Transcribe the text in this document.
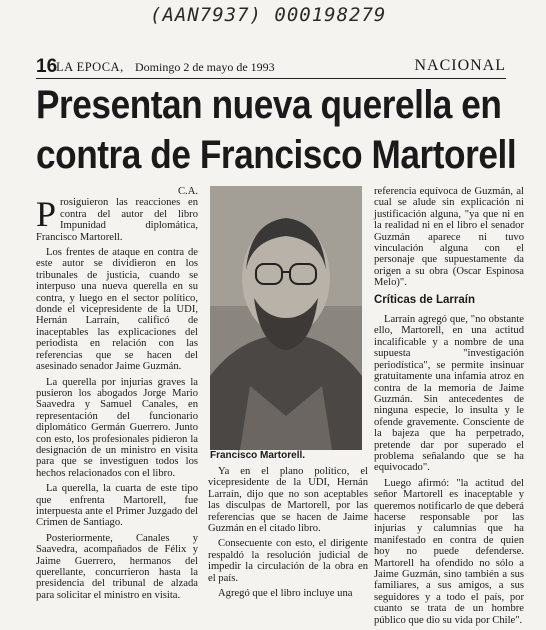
(AAN7937) 000198279
16
LA EPOCA, Domingo 2 de mayo de 1993	NACIONAL
Presentan nueva querella en
contra de Francisco Martorell
C.A.

P rosiguieron las reacciones en contra del autor del libro Impunidad diplomática, Francisco Martorell.

Los frentes de ataque en contra de este autor se dividieron en los tribunales de justicia, cuando se interpuso una nueva querella en su contra, y luego en el sector político, donde el vicepresidente de la UDI, Hernán Larraín, calificó de inaceptables las explicaciones del periodista en relación con las referencias que se hacen del asesinado senador Jaime Guzmán.

La querella por injurias graves la pusieron los abogados Jorge Mario Saavedra y Samuel Canales, en representación del funcionario diplomático Germán Guerrero. Junto con esto, los profesionales pidieron la designación de un ministro en visita para que se investiguen todos los hechos relacionados con el libro.

La querella, la cuarta de este tipo que enfrenta Martorell, fue interpuesta ante el Primer Juzgado del Crimen de Santiago.

Posteriormente, Canales y Saavedra, acompañados de Félix y Jaime Guerrero, hermanos del querellante, concurrieron hasta la presidencia del tribunal de alzada para solicitar el ministro en visita.

Francisco Martorell.

Ya en el plano político, el vicepresidente de la UDI, Hernán Larraín, dijo que no son aceptables las disculpas de Martorell, por las referencias que se hacen de Jaime Guzmán en el citado libro.

Consecuente con esto, el dirigente respaldó la resolución judicial de impedir la circulación de la obra en el país.

Agregó que el libro incluye una

referencia equívoca de Guzmán, al cual se alude sin explicación ni justificación alguna, "ya que ni en la realidad ni en el libro el senador Guzmán aparece ni tuvo vinculación alguna con el personaje que supuestamente da origen a su obra (Oscar Espinosa Melo)".

Críticas de Larraín

Larraín agregó que, "no obstante ello, Martorell, en una actitud incalificable y a nombre de una supuesta "investigación periodística", se permite insinuar gratuitamente una infamia atroz en contra de la memoria de Jaime Guzmán. Sin antecedentes de ninguna especie, lo insulta y le ofende gravemente. Consciente de la bajeza que ha perpetrado, pretende dar por superado el problema señalando que se ha equivocado".

Luego afirmó: "la actitud del señor Martorell es inaceptable y queremos notificarlo de que deberá hacerse responsable por las injurias y calumnias que ha manifestado en contra de quien hoy no puede defenderse. Martorell ha ofendido no sólo a Jaime Guzmán, sino también a sus familiares, a sus amigos, a sus seguidores y a todo el país, por cuanto se trata de un hombre público que dio su vida por Chile".
